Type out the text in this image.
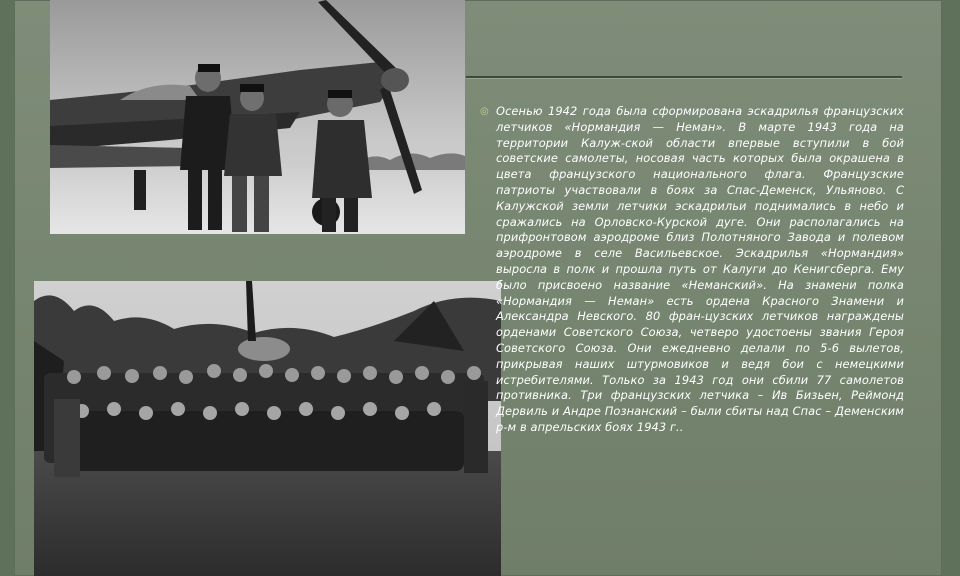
◎ Осенью 1942 года была сформирована эскадрилья французских летчиков «Нормандия — Неман». В марте 1943 года на территории Калуж-ской области впервые вступили в бой советские самолеты, носовая часть которых была окрашена в цвета французского национального флага. Французские патриоты участвовали в боях за Спас-Деменск, Ульяново. С Калужской земли летчики эскадрильи поднимались в небо и сражались на Орловско-Курской дуге. Они располагались на прифронтовом аэродроме близ Полотняного Завода и полевом аэродроме в селе Васильевское. Эскадрилья «Нормандия» выросла в полк и прошла путь от Калуги до Кенигсберга. Ему было присвоено название «Неманский». На знамени полка «Нормандия — Неман» есть ордена Красного Знамени и Александра Невского. 80 фран-цузских летчиков награждены орденами Советского Союза, четверо удостоены звания Героя Советского Союза. Они ежедневно делали по 5-6 вылетов, прикрывая наших штурмовиков и ведя бои с немецкими истребителями. Только за 1943 год они сбили 77 самолетов противника. Три французских летчика – Ив Бизьен, Реймонд Дервиль и Андре Познанский – были сбиты над Спас – Деменским р-м в апрельских боях 1943 г..
